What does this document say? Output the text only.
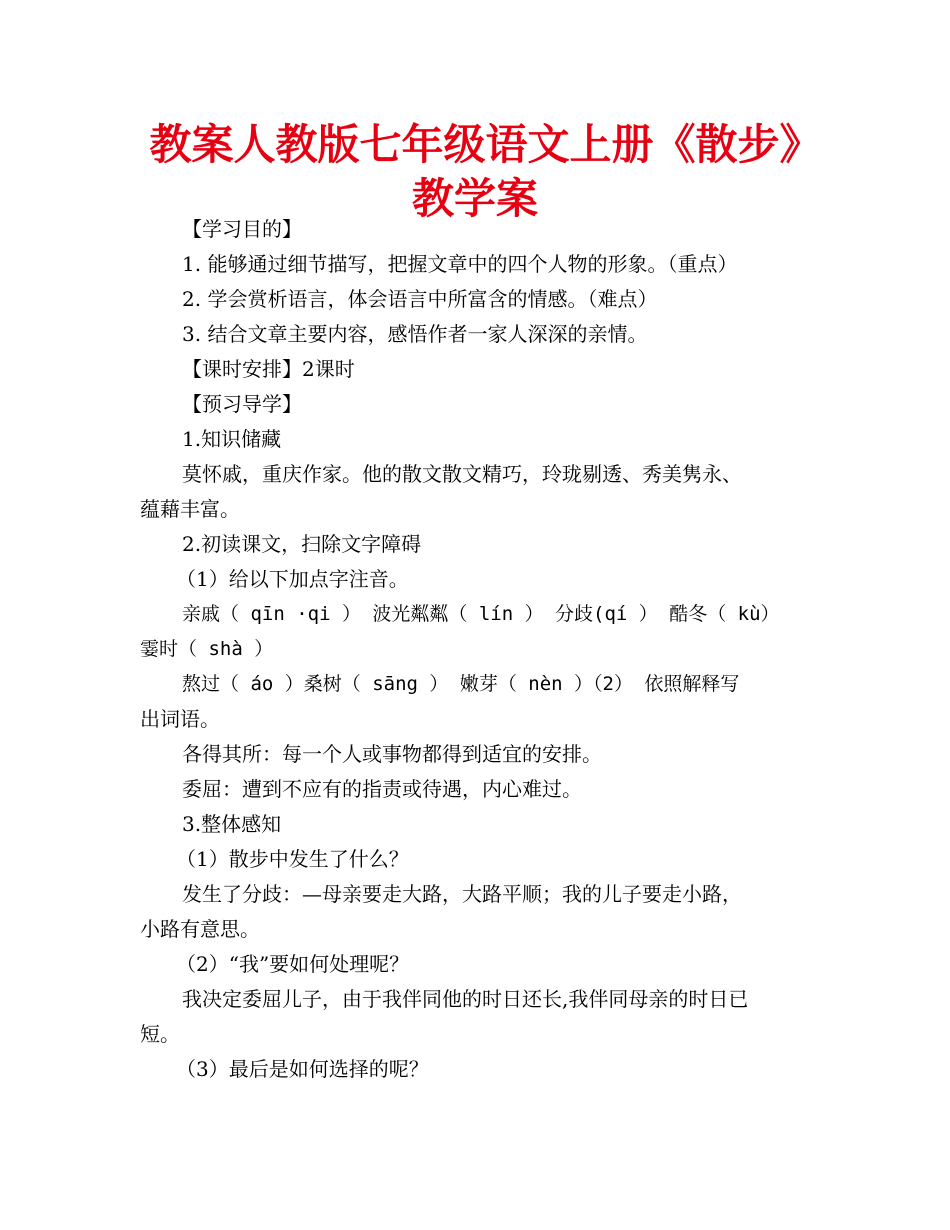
教案人教版七年级语文上册《散步》教学案

【学习目的】

1. 能够通过细节描写，把握文章中的四个人物的形象。（重点）

2. 学会赏析语言，体会语言中所富含的情感。（难点）

3. 结合文章主要内容，感悟作者一家人深深的亲情。

【课时安排】2课时

【预习导学】

1.知识储藏

莫怀戚，重庆作家。他的散文散文精巧，玲珑剔透、秀美隽永、

蕴藉丰富。

2.初读课文，扫除文字障碍

（1）给以下加点字注音。

亲戚（ qīn ·qi ） 波光粼粼（ lín ） 分歧(qí ） 酷冬（ kù）

霎时（ shà ）

熬过（ áo ）桑树（ sāng ） 嫩芽（ nèn ）（2） 依照解释写

出词语。

各得其所：每一个人或事物都得到适宜的安排。

委屈：遭到不应有的指责或待遇，内心难过。

3.整体感知

（1）散步中发生了什么？

发生了分歧：—母亲要走大路，大路平顺；我的儿子要走小路，

小路有意思。

（2）“我”要如何处理呢？

我决定委屈儿子，由于我伴同他的时日还长,我伴同母亲的时日已

短。

（3）最后是如何选择的呢？
